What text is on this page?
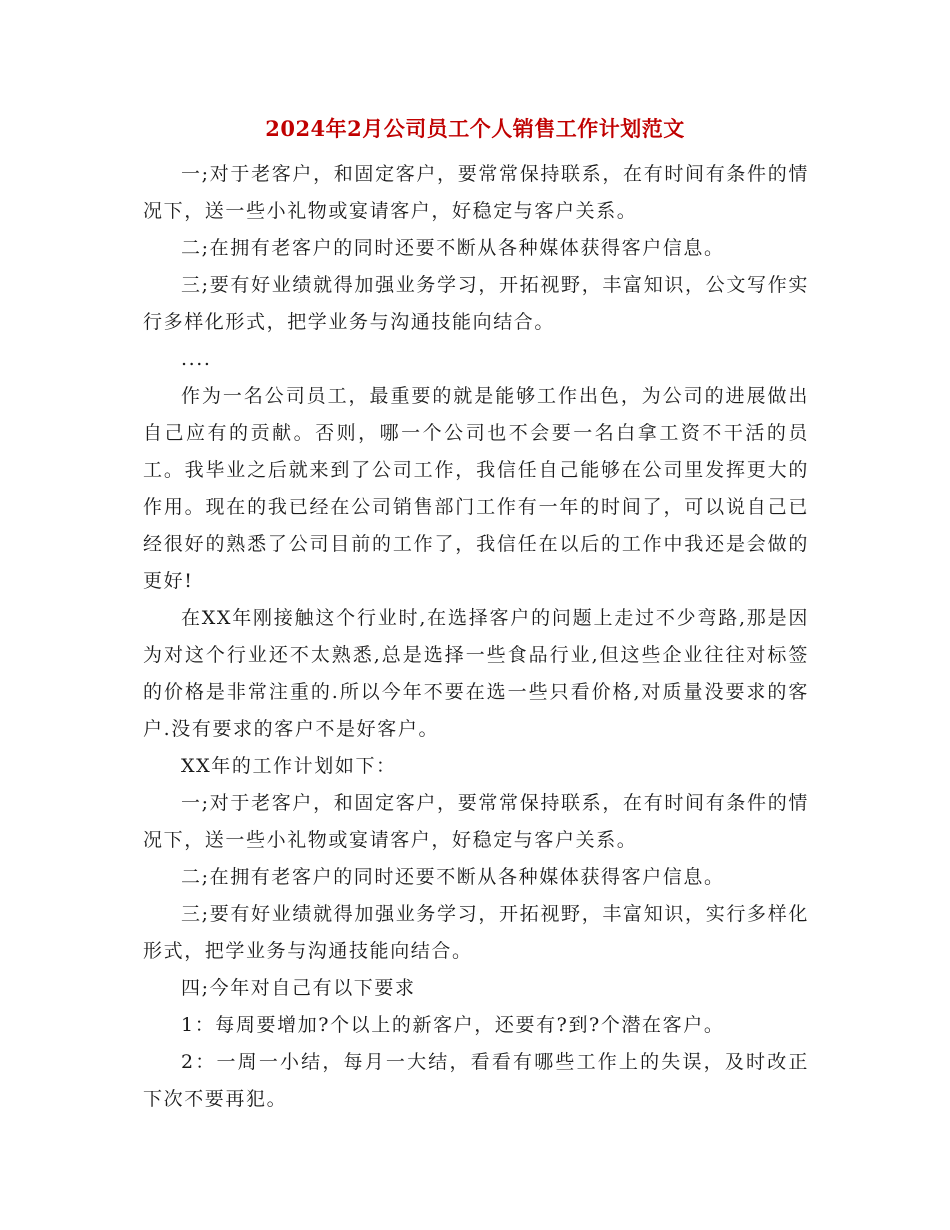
2024年2月公司员工个人销售工作计划范文

一;对于老客户，和固定客户，要常常保持联系，在有时间有条件的情况下，送一些小礼物或宴请客户，好稳定与客户关系。

二;在拥有老客户的同时还要不断从各种媒体获得客户信息。

三;要有好业绩就得加强业务学习，开拓视野，丰富知识，公文写作实行多样化形式，把学业务与沟通技能向结合。

....

作为一名公司员工，最重要的就是能够工作出色，为公司的进展做出自己应有的贡献。否则，哪一个公司也不会要一名白拿工资不干活的员工。我毕业之后就来到了公司工作，我信任自己能够在公司里发挥更大的作用。现在的我已经在公司销售部门工作有一年的时间了，可以说自己已经很好的熟悉了公司目前的工作了，我信任在以后的工作中我还是会做的更好!

在XX年刚接触这个行业时,在选择客户的问题上走过不少弯路,那是因为对这个行业还不太熟悉,总是选择一些食品行业,但这些企业往往对标签的价格是非常注重的.所以今年不要在选一些只看价格,对质量没要求的客户.没有要求的客户不是好客户。

XX年的工作计划如下：

一;对于老客户，和固定客户，要常常保持联系，在有时间有条件的情况下，送一些小礼物或宴请客户，好稳定与客户关系。

二;在拥有老客户的同时还要不断从各种媒体获得客户信息。

三;要有好业绩就得加强业务学习，开拓视野，丰富知识，实行多样化形式，把学业务与沟通技能向结合。

四;今年对自己有以下要求

1：每周要增加?个以上的新客户，还要有?到?个潜在客户。

2：一周一小结，每月一大结，看看有哪些工作上的失误，及时改正下次不要再犯。
